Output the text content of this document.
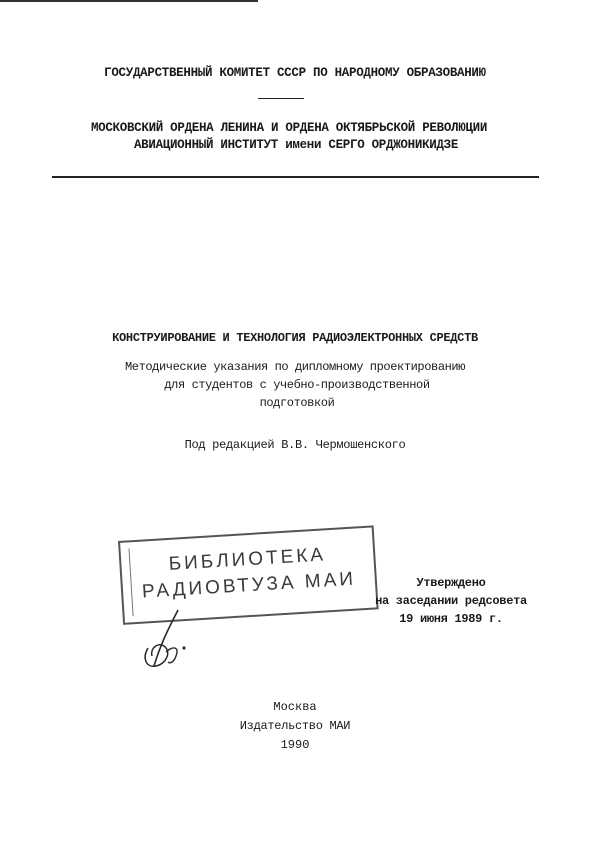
ГОСУДАРСТВЕННЫЙ КОМИТЕТ СССР ПО НАРОДНОМУ ОБРАЗОВАНИЮ
МОСКОВСКИЙ ОРДЕНА ЛЕНИНА И ОРДЕНА ОКТЯБРЬСКОЙ РЕВОЛЮЦИИ
АВИАЦИОННЫЙ ИНСТИТУТ имени СЕРГО ОРДЖОНИКИДЗЕ
КОНСТРУИРОВАНИЕ И ТЕХНОЛОГИЯ РАДИОЭЛЕКТРОННЫХ СРЕДСТВ
Методические указания по дипломному проектированию
для студентов с учебно-производственной
подготовкой
Под редакцией В.В. Чермошенского
БИБЛИОТЕКА
РАДИОВТУЗА МАИ	Утверждено
на заседании редсовета
19 июня 1989 г.
Москва
Издательство МАИ
1990
